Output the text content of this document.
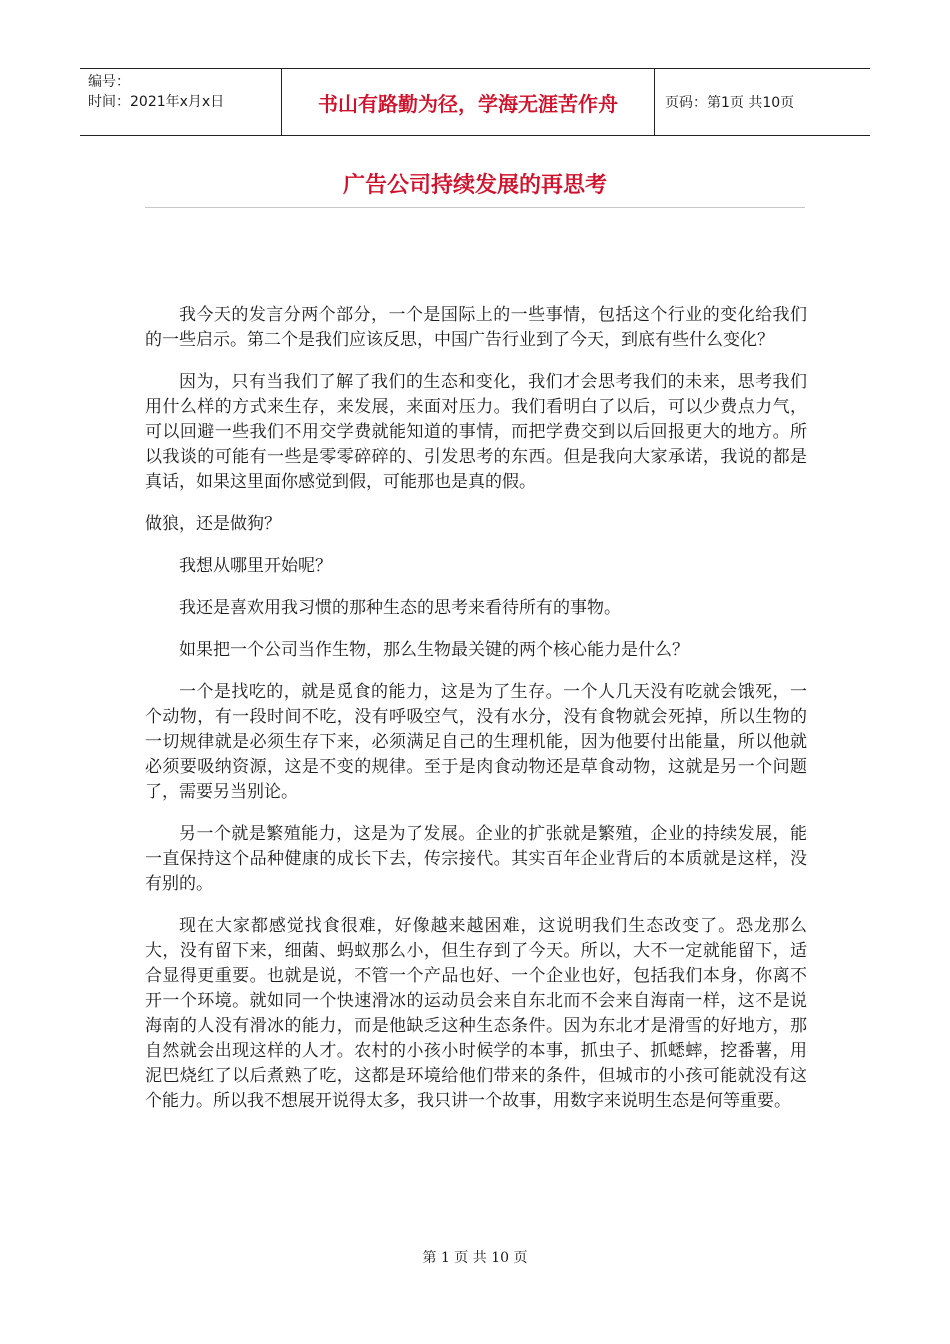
编号：
时间：2021年x月x日	书山有路勤为径，学海无涯苦作舟	页码：第1页 共10页
广告公司持续发展的再思考

我今天的发言分两个部分，一个是国际上的一些事情，包括这个行业的变化给我们的一些启示。第二个是我们应该反思，中国广告行业到了今天，到底有些什么变化？

因为，只有当我们了解了我们的生态和变化，我们才会思考我们的未来，思考我们用什么样的方式来生存，来发展，来面对压力。我们看明白了以后，可以少费点力气，可以回避一些我们不用交学费就能知道的事情，而把学费交到以后回报更大的地方。所以我谈的可能有一些是零零碎碎的、引发思考的东西。但是我向大家承诺，我说的都是真话，如果这里面你感觉到假，可能那也是真的假。

做狼，还是做狗？

我想从哪里开始呢？

我还是喜欢用我习惯的那种生态的思考来看待所有的事物。

如果把一个公司当作生物，那么生物最关键的两个核心能力是什么？

一个是找吃的，就是觅食的能力，这是为了生存。一个人几天没有吃就会饿死，一个动物，有一段时间不吃，没有呼吸空气，没有水分，没有食物就会死掉，所以生物的一切规律就是必须生存下来，必须满足自己的生理机能，因为他要付出能量，所以他就必须要吸纳资源，这是不变的规律。至于是肉食动物还是草食动物，这就是另一个问题了，需要另当别论。

另一个就是繁殖能力，这是为了发展。企业的扩张就是繁殖，企业的持续发展，能一直保持这个品种健康的成长下去，传宗接代。其实百年企业背后的本质就是这样，没有别的。

现在大家都感觉找食很难，好像越来越困难，这说明我们生态改变了。恐龙那么大，没有留下来，细菌、蚂蚁那么小，但生存到了今天。所以，大不一定就能留下，适合显得更重要。也就是说，不管一个产品也好、一个企业也好，包括我们本身，你离不开一个环境。就如同一个快速滑冰的运动员会来自东北而不会来自海南一样，这不是说海南的人没有滑冰的能力，而是他缺乏这种生态条件。因为东北才是滑雪的好地方，那自然就会出现这样的人才。农村的小孩小时候学的本事，抓虫子、抓蟋蟀，挖番薯，用泥巴烧红了以后煮熟了吃，这都是环境给他们带来的条件，但城市的小孩可能就没有这个能力。所以我不想展开说得太多，我只讲一个故事，用数字来说明生态是何等重要。

第 1 页 共 10 页
